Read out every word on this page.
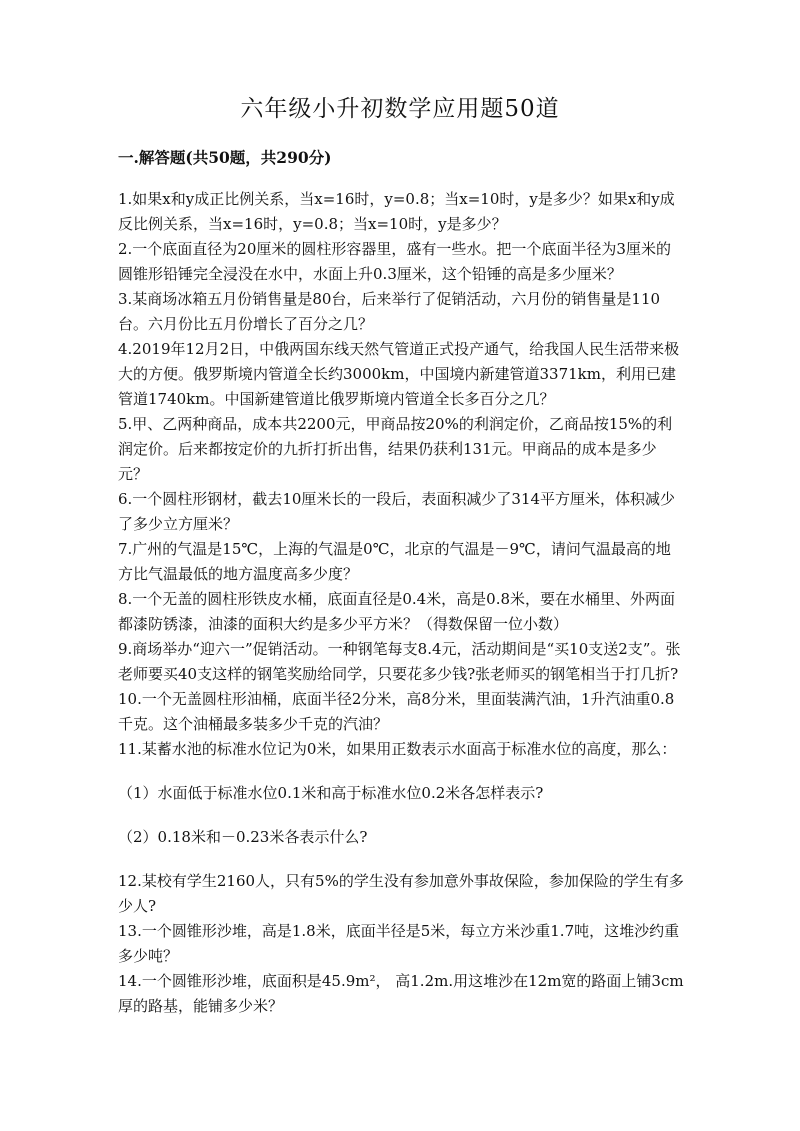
六年级小升初数学应用题50道
一.解答题(共50题，共290分)

1.如果x和y成正比例关系，当x=16时，y=0.8；当x=10时，y是多少？如果x和y成反比例关系，当x=16时，y=0.8；当x=10时，y是多少？

2.一个底面直径为20厘米的圆柱形容器里，盛有一些水。把一个底面半径为3厘米的圆锥形铅锤完全浸没在水中，水面上升0.3厘米，这个铅锤的高是多少厘米？

3.某商场冰箱五月份销售量是80台，后来举行了促销活动，六月份的销售量是110台。六月份比五月份增长了百分之几？

4.2019年12月2日，中俄两国东线天然气管道正式投产通气，给我国人民生活带来极大的方便。俄罗斯境内管道全长约3000km，中国境内新建管道3371km，利用已建管道1740km。中国新建管道比俄罗斯境内管道全长多百分之几？

5.甲、乙两种商品，成本共2200元，甲商品按20%的利润定价，乙商品按15%的利润定价。后来都按定价的九折打折出售，结果仍获利131元。甲商品的成本是多少元？

6.一个圆柱形钢材，截去10厘米长的一段后，表面积减少了314平方厘米，体积减少了多少立方厘米？

7.广州的气温是15℃，上海的气温是0℃，北京的气温是－9℃，请问气温最高的地方比气温最低的地方温度高多少度？

8.一个无盖的圆柱形铁皮水桶，底面直径是0.4米，高是0.8米，要在水桶里、外两面都漆防锈漆，油漆的面积大约是多少平方米？（得数保留一位小数）

9.商场举办“迎六一”促销活动。一种钢笔每支8.4元，活动期间是“买10支送2支”。张老师要买40支这样的钢笔奖励给同学，只要花多少钱?张老师买的钢笔相当于打几折?

10.一个无盖圆柱形油桶，底面半径2分米，高8分米，里面装满汽油，1升汽油重0.8千克。这个油桶最多装多少千克的汽油？

11.某蓄水池的标准水位记为0米，如果用正数表示水面高于标准水位的高度，那么：

（1）水面低于标准水位0.1米和高于标准水位0.2米各怎样表示?

（2）0.18米和－0.23米各表示什么?

12.某校有学生2160人，只有5%的学生没有参加意外事故保险，参加保险的学生有多少人?

13.一个圆锥形沙堆，高是1.8米，底面半径是5米，每立方米沙重1.7吨，这堆沙约重多少吨？

14.一个圆锥形沙堆，底面积是45.9m²， 高1.2m.用这堆沙在12m宽的路面上铺3cm厚的路基，能铺多少米？
